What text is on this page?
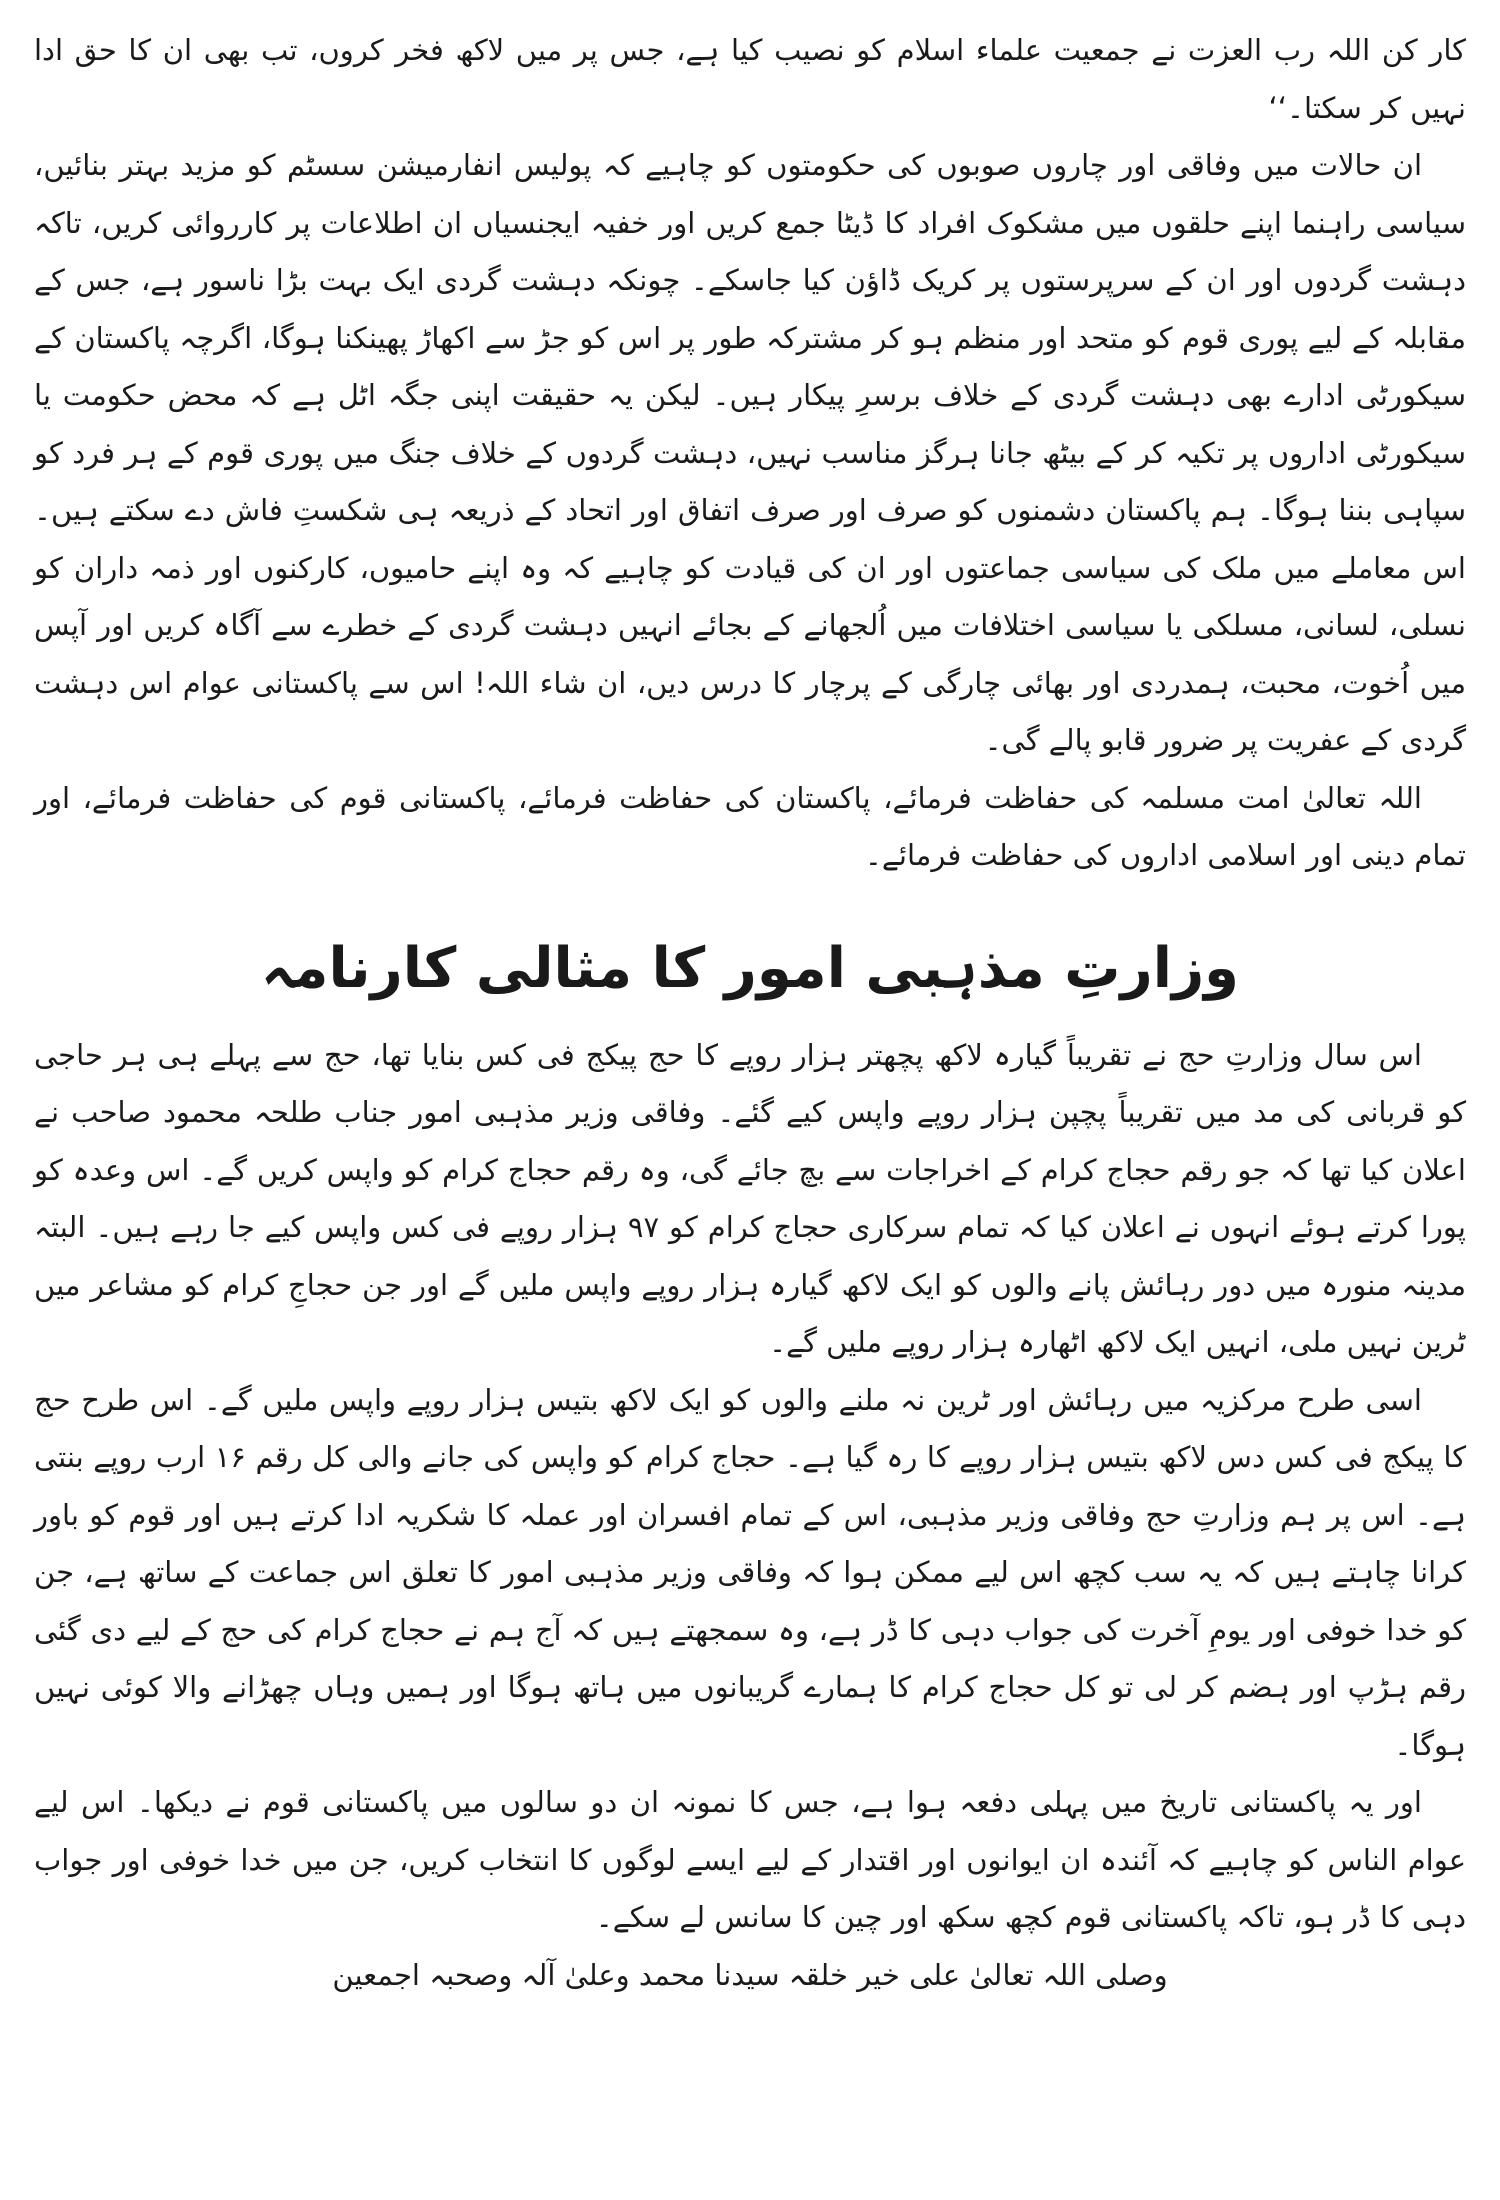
کار کن اللہ رب العزت نے جمعیت علماء اسلام کو نصیب کیا ہے، جس پر میں لاکھ فخر کروں، تب بھی ان کا حق ادا نہیں کر سکتا۔‘‘

ان حالات میں وفاقی اور چاروں صوبوں کی حکومتوں کو چاہیے کہ پولیس انفارمیشن سسٹم کو مزید بہتر بنائیں، سیاسی راہنما اپنے حلقوں میں مشکوک افراد کا ڈیٹا جمع کریں اور خفیہ ایجنسیاں ان اطلاعات پر کارروائی کریں، تاکہ دہشت گردوں اور ان کے سرپرستوں پر کریک ڈاؤن کیا جاسکے۔ چونکہ دہشت گردی ایک بہت بڑا ناسور ہے، جس کے مقابلہ کے لیے پوری قوم کو متحد اور منظم ہو کر مشترکہ طور پر اس کو جڑ سے اکھاڑ پھینکنا ہوگا، اگرچہ پاکستان کے سیکورٹی ادارے بھی دہشت گردی کے خلاف برسرِ پیکار ہیں۔ لیکن یہ حقیقت اپنی جگہ اٹل ہے کہ محض حکومت یا سیکورٹی اداروں پر تکیہ کر کے بیٹھ جانا ہرگز مناسب نہیں، دہشت گردوں کے خلاف جنگ میں پوری قوم کے ہر فرد کو سپاہی بننا ہوگا۔ ہم پاکستان دشمنوں کو صرف اور صرف اتفاق اور اتحاد کے ذریعہ ہی شکستِ فاش دے سکتے ہیں۔ اس معاملے میں ملک کی سیاسی جماعتوں اور ان کی قیادت کو چاہیے کہ وہ اپنے حامیوں، کارکنوں اور ذمہ داران کو نسلی، لسانی، مسلکی یا سیاسی اختلافات میں اُلجھانے کے بجائے انہیں دہشت گردی کے خطرے سے آگاہ کریں اور آپس میں اُخوت، محبت، ہمدردی اور بھائی چارگی کے پرچار کا درس دیں، ان شاء اللہ! اس سے پاکستانی عوام اس دہشت گردی کے عفریت پر ضرور قابو پالے گی۔

اللہ تعالیٰ امت مسلمہ کی حفاظت فرمائے، پاکستان کی حفاظت فرمائے، پاکستانی قوم کی حفاظت فرمائے، اور تمام دینی اور اسلامی اداروں کی حفاظت فرمائے۔

وزارتِ مذہبی امور کا مثالی کارنامہ

اس سال وزارتِ حج نے تقریباً گیارہ لاکھ پچھتر ہزار روپے کا حج پیکج فی کس بنایا تھا، حج سے پہلے ہی ہر حاجی کو قربانی کی مد میں تقریباً پچپن ہزار روپے واپس کیے گئے۔ وفاقی وزیر مذہبی امور جناب طلحہ محمود صاحب نے اعلان کیا تھا کہ جو رقم حجاج کرام کے اخراجات سے بچ جائے گی، وہ رقم حجاج کرام کو واپس کریں گے۔ اس وعدہ کو پورا کرتے ہوئے انہوں نے اعلان کیا کہ تمام سرکاری حجاج کرام کو ۹۷ ہزار روپے فی کس واپس کیے جا رہے ہیں۔ البتہ مدینہ منورہ میں دور رہائش پانے والوں کو ایک لاکھ گیارہ ہزار روپے واپس ملیں گے اور جن حجاجِ کرام کو مشاعر میں ٹرین نہیں ملی، انہیں ایک لاکھ اٹھارہ ہزار روپے ملیں گے۔

اسی طرح مرکزیہ میں رہائش اور ٹرین نہ ملنے والوں کو ایک لاکھ بتیس ہزار روپے واپس ملیں گے۔ اس طرح حج کا پیکج فی کس دس لاکھ بتیس ہزار روپے کا رہ گیا ہے۔ حجاج کرام کو واپس کی جانے والی کل رقم ۱۶ ارب روپے بنتی ہے۔ اس پر ہم وزارتِ حج وفاقی وزیر مذہبی، اس کے تمام افسران اور عملہ کا شکریہ ادا کرتے ہیں اور قوم کو باور کرانا چاہتے ہیں کہ یہ سب کچھ اس لیے ممکن ہوا کہ وفاقی وزیر مذہبی امور کا تعلق اس جماعت کے ساتھ ہے، جن کو خدا خوفی اور یومِ آخرت کی جواب دہی کا ڈر ہے، وہ سمجھتے ہیں کہ آج ہم نے حجاج کرام کی حج کے لیے دی گئی رقم ہڑپ اور ہضم کر لی تو کل حجاج کرام کا ہمارے گریبانوں میں ہاتھ ہوگا اور ہمیں وہاں چھڑانے والا کوئی نہیں ہوگا۔

اور یہ پاکستانی تاریخ میں پہلی دفعہ ہوا ہے، جس کا نمونہ ان دو سالوں میں پاکستانی قوم نے دیکھا۔ اس لیے عوام الناس کو چاہیے کہ آئندہ ان ایوانوں اور اقتدار کے لیے ایسے لوگوں کا انتخاب کریں، جن میں خدا خوفی اور جواب دہی کا ڈر ہو، تاکہ پاکستانی قوم کچھ سکھ اور چین کا سانس لے سکے۔

وصلی اللہ تعالیٰ علی خیر خلقہ سیدنا محمد وعلیٰ آلہ وصحبہ اجمعین
